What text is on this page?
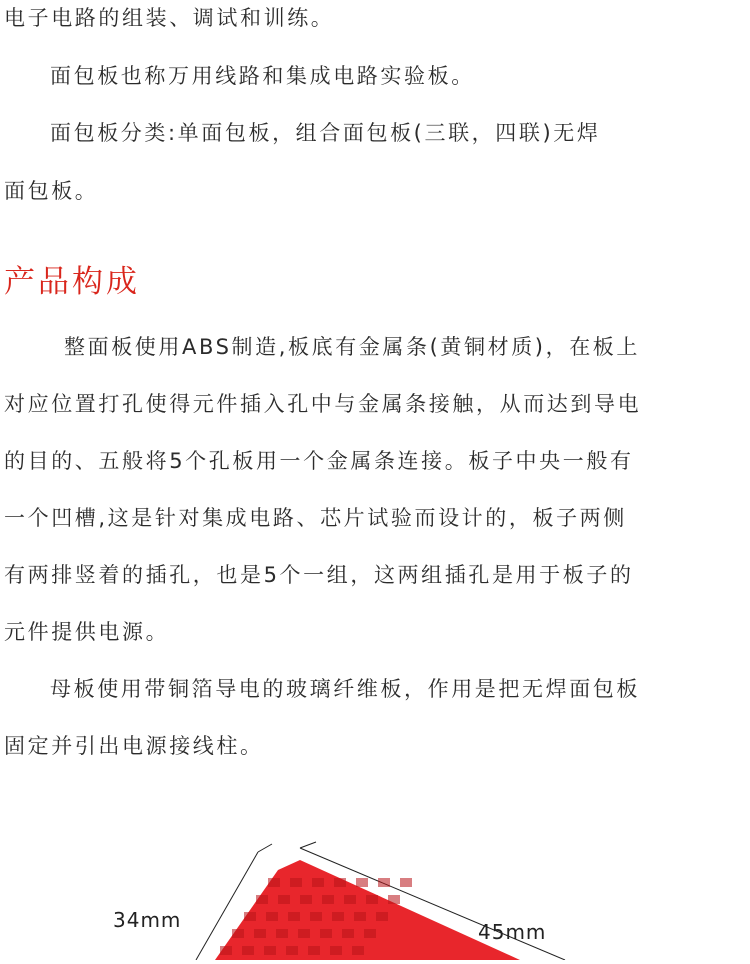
电子电路的组装、调试和训练。
面包板也称万用线路和集成电路实验板。
面包板分类:单面包板，组合面包板(三联，四联)无焊
面包板。
产品构成
整面板使用ABS制造,板底有金属条(黄铜材质)，在板上
对应位置打孔使得元件插入孔中与金属条接触，从而达到导电
的目的、五般将5个孔板用一个金属条连接。板子中央一般有
一个凹槽,这是针对集成电路、芯片试验而设计的，板子两侧
有两排竖着的插孔，也是5个一组，这两组插孔是用于板子的
元件提供电源。
母板使用带铜箔导电的玻璃纤维板，作用是把无焊面包板
固定并引出电源接线柱。
34mm	45mm
